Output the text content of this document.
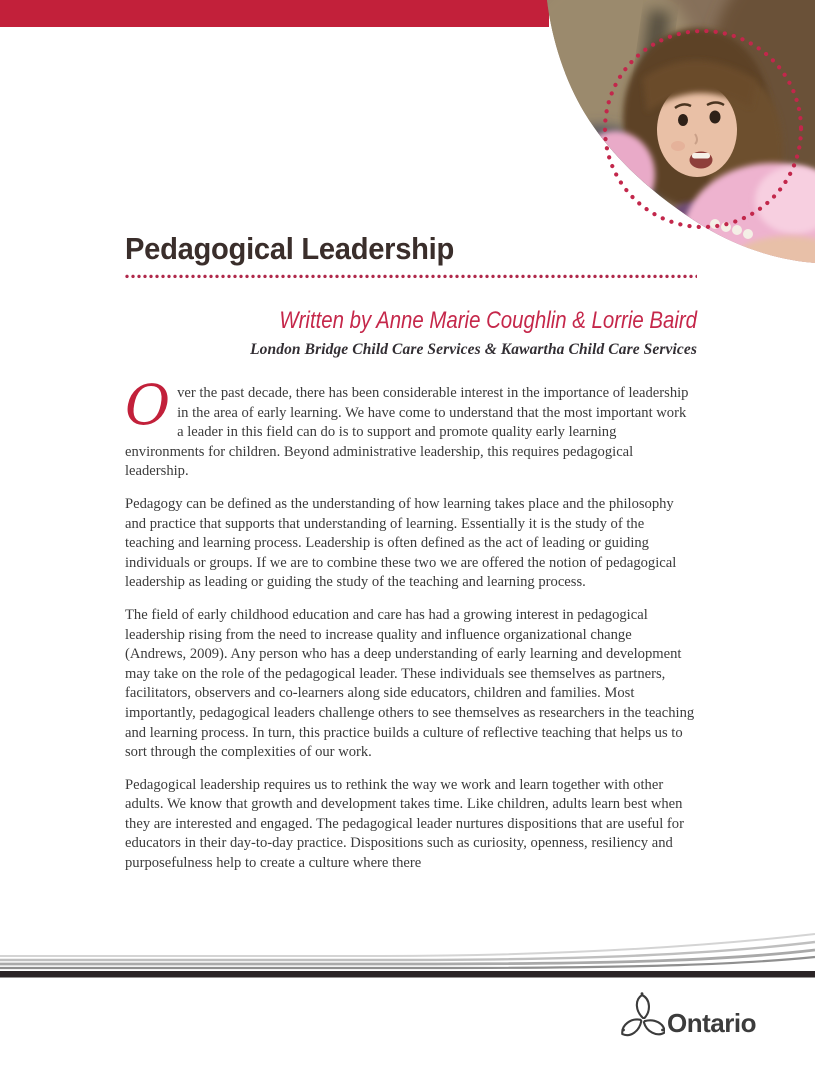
Pedagogical Leadership
Written by Anne Marie Coughlin & Lorrie Baird
London Bridge Child Care Services & Kawartha Child Care Services

Over the past decade, there has been considerable interest in the importance of leadership in the area of early learning. We have come to understand that the most important work a leader in this field can do is to support and promote quality early learning environments for children. Beyond administrative leadership, this requires pedagogical leadership.

Pedagogy can be defined as the understanding of how learning takes place and the philosophy and practice that supports that understanding of learning. Essentially it is the study of the teaching and learning process. Leadership is often defined as the act of leading or guiding individuals or groups. If we are to combine these two we are offered the notion of pedagogical leadership as leading or guiding the study of the teaching and learning process.

The field of early childhood education and care has had a growing interest in pedagogical leadership rising from the need to increase quality and influence organizational change (Andrews, 2009). Any person who has a deep understanding of early learning and development may take on the role of the pedagogical leader. These individuals see themselves as partners, facilitators, observers and co-learners along side educators, children and families. Most importantly, pedagogical leaders challenge others to see themselves as researchers in the teaching and learning process. In turn, this practice builds a culture of reflective teaching that helps us to sort through the complexities of our work.

Pedagogical leadership requires us to rethink the way we work and learn together with other adults. We know that growth and development takes time. Like children, adults learn best when they are interested and engaged. The pedagogical leader nurtures dispositions that are useful for educators in their day-to-day practice. Dispositions such as curiosity, openness, resiliency and purposefulness help to create a culture where there

Ontario
